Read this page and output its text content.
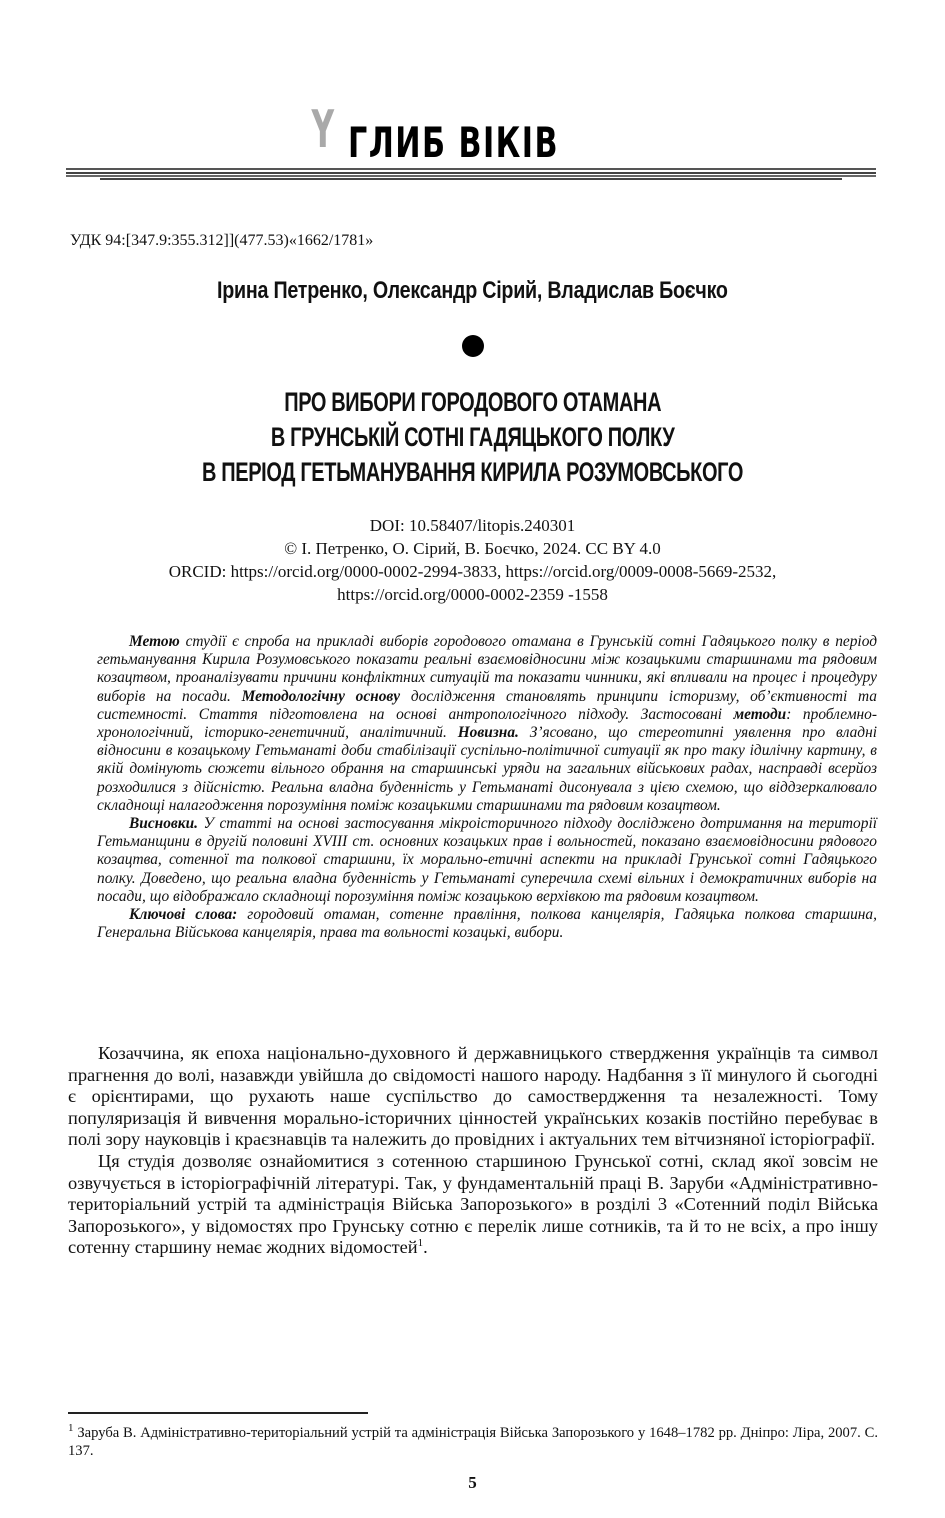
Y ГЛИБ ВІКІВ
УДК 94:[347.9:355.312]](477.53)«1662/1781»
Ірина Петренко, Олександр Сірий, Владислав Боєчко
ПРО ВИБОРИ ГОРОДОВОГО ОТАМАНА
В ГРУНСЬКІЙ СОТНІ ГАДЯЦЬКОГО ПОЛКУ
В ПЕРІОД ГЕТЬМАНУВАННЯ КИРИЛА РОЗУМОВСЬКОГО
DOI: 10.58407/litopis.240301
© І. Петренко, О. Сірий, В. Боєчко, 2024. CC BY 4.0
ORCID: https://orcid.org/0000-0002-2994-3833, https://orcid.org/0009-0008-5669-2532,
https://orcid.org/0000-0002-2359 -1558

Метою студії є спроба на прикладі виборів городового отамана в Грунській сотні Гадяцького полку в період гетьманування Кирила Розумовського показати реальні взаємовідносини між козацькими старшинами та рядовим козацтвом, проаналізувати причини конфліктних ситуацій та показати чинники, які впливали на процес і процедуру виборів на посади. Методологічну основу дослідження становлять принципи історизму, об’єктивності та системності. Стаття підготовлена на основі антропологічного підходу. Застосовані методи: проблемно-хронологічний, історико-генетичний, аналітичний. Новизна. З’ясовано, що стереотипні уявлення про владні відносини в козацькому Гетьманаті доби стабілізації суспільно-політичної ситуації як про таку ідилічну картину, в якій домінують сюжети вільного обрання на старшинські уряди на загальних військових радах, насправді всерйоз розходилися з дійсністю. Реальна владна буденність у Гетьманаті дисонувала з цією схемою, що віддзеркалювало складнощі налагодження порозуміння поміж козацькими старшинами та рядовим козацтвом.

Висновки. У статті на основі застосування мікроісторичного підходу досліджено дотримання на території Гетьманщини в другій половині XVIII ст. основних козацьких прав і вольностей, показано взаємовідносини рядового козацтва, сотенної та полкової старшини, їх морально-етичні аспекти на прикладі Грунської сотні Гадяцького полку. Доведено, що реальна владна буденність у Гетьманаті суперечила схемі вільних і демократичних виборів на посади, що відображало складнощі порозуміння поміж козацькою верхівкою та рядовим козацтвом.

Ключові слова: городовий отаман, сотенне правління, полкова канцелярія, Гадяцька полкова старшина, Генеральна Військова канцелярія, права та вольності козацькі, вибори.

Козаччина, як епоха національно-духовного й державницького ствердження українців та символ прагнення до волі, назавжди увійшла до свідомості нашого народу. Надбання з її минулого й сьогодні є орієнтирами, що рухають наше суспільство до самоствердження та незалежності. Тому популяризація й вивчення морально-історичних цінностей українських козаків постійно перебуває в полі зору науковців і краєзнавців та належить до провідних і актуальних тем вітчизняної історіографії.

Ця студія дозволяє ознайомитися з сотенною старшиною Грунської сотні, склад якої зовсім не озвучується в історіографічній літературі. Так, у фундаментальній праці В. Заруби «Адміністративно-територіальний устрій та адміністрація Війська Запорозького» в розділі 3 «Сотенний поділ Війська Запорозького», у відомостях про Грунську сотню є перелік лише сотників, та й то не всіх, а про іншу сотенну старшину немає жодних відомостей$^1$.

$^1$ Заруба В. Адміністративно-територіальний устрій та адміністрація Війська Запорозького у 1648–1782 рр. Дніпро: Ліра, 2007. С. 137.
5
